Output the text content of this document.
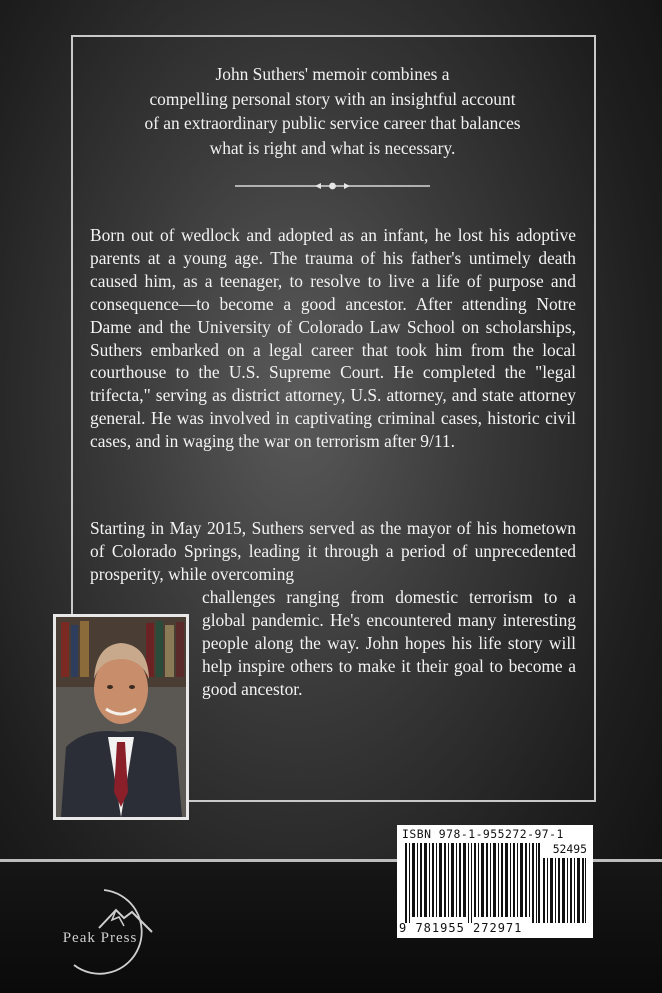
John Suthers' memoir combines a
compelling personal story with an insightful account
of an extraordinary public service career that balances
what is right and what is necessary.

Born out of wedlock and adopted as an infant, he lost his adoptive parents at a young age. The trauma of his father's untimely death caused him, as a teenager, to resolve to live a life of purpose and consequence—to become a good ancestor. After attending Notre Dame and the University of Colorado Law School on scholarships, Suthers embarked on a legal career that took him from the local courthouse to the U.S. Supreme Court. He completed the "legal trifecta," serving as district attorney, U.S. attorney, and state attorney general. He was involved in captivating criminal cases, historic civil cases, and in waging the war on terrorism after 9/11.

Starting in May 2015, Suthers served as the mayor of his hometown of Colorado Springs, leading it through a period of unprecedented prosperity, while overcoming

challenges ranging from domestic terrorism to a global pandemic. He's encountered many interesting people along the way. John hopes his life story will help inspire others to make it their goal to become a good ancestor.

Peak Press
ISBN 978-1-955272-97-1
52495
9 781955 272971
